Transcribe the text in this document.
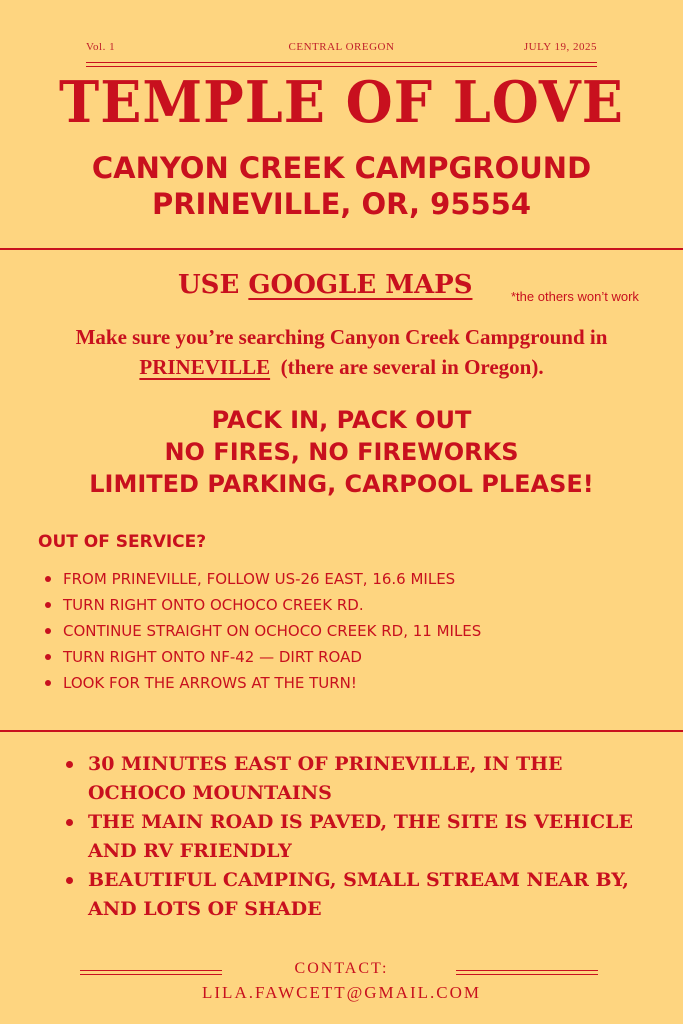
Vol. 1	CENTRAL OREGON	JULY 19, 2025
TEMPLE OF LOVE
CANYON CREEK CAMPGROUND
PRINEVILLE, OR, 95554
USE GOOGLE MAPS	*the others won’t work
Make sure you’re searching Canyon Creek Campground in
PRINEVILLE (there are several in Oregon).
PACK IN, PACK OUT
NO FIRES, NO FIREWORKS
LIMITED PARKING, CARPOOL PLEASE!
OUT OF SERVICE?
FROM PRINEVILLE, FOLLOW US-26 EAST, 16.6 MILES
TURN RIGHT ONTO OCHOCO CREEK RD.
CONTINUE STRAIGHT ON OCHOCO CREEK RD, 11 MILES
TURN RIGHT ONTO NF-42 — DIRT ROAD
LOOK FOR THE ARROWS AT THE TURN!
30 MINUTES EAST OF PRINEVILLE, IN THE OCHOCO MOUNTAINS
THE MAIN ROAD IS PAVED, THE SITE IS VEHICLE AND RV FRIENDLY
BEAUTIFUL CAMPING, SMALL STREAM NEAR BY, AND LOTS OF SHADE
CONTACT:
LILA.FAWCETT@GMAIL.COM
